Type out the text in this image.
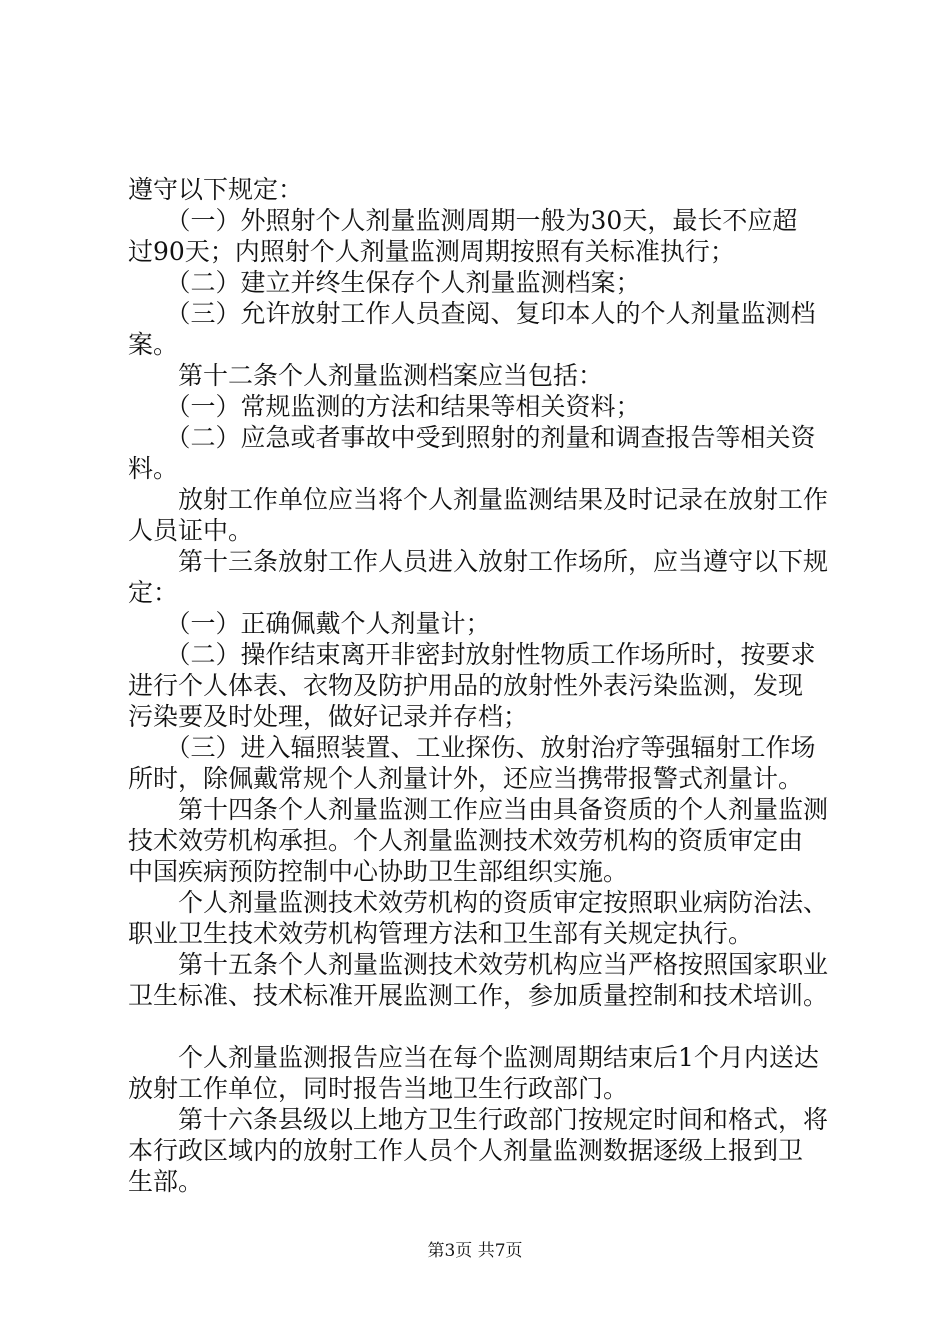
遵守以下规定：
　　（一）外照射个人剂量监测周期一般为30天，最长不应超
过90天；内照射个人剂量监测周期按照有关标准执行；
　　（二）建立并终生保存个人剂量监测档案；
　　（三）允许放射工作人员查阅、复印本人的个人剂量监测档
案。
　　第十二条个人剂量监测档案应当包括：
　　（一）常规监测的方法和结果等相关资料；
　　（二）应急或者事故中受到照射的剂量和调查报告等相关资
料。
　　放射工作单位应当将个人剂量监测结果及时记录在放射工作
人员证中。
　　第十三条放射工作人员进入放射工作场所，应当遵守以下规
定：
　　（一）正确佩戴个人剂量计；
　　（二）操作结束离开非密封放射性物质工作场所时，按要求
进行个人体表、衣物及防护用品的放射性外表污染监测，发现
污染要及时处理，做好记录并存档；
　　（三）进入辐照装置、工业探伤、放射治疗等强辐射工作场
所时，除佩戴常规个人剂量计外，还应当携带报警式剂量计。
　　第十四条个人剂量监测工作应当由具备资质的个人剂量监测
技术效劳机构承担。个人剂量监测技术效劳机构的资质审定由
中国疾病预防控制中心协助卫生部组织实施。
　　个人剂量监测技术效劳机构的资质审定按照职业病防治法、
职业卫生技术效劳机构管理方法和卫生部有关规定执行。
　　第十五条个人剂量监测技术效劳机构应当严格按照国家职业
卫生标准、技术标准开展监测工作，参加质量控制和技术培训。
　　个人剂量监测报告应当在每个监测周期结束后1个月内送达
放射工作单位，同时报告当地卫生行政部门。
　　第十六条县级以上地方卫生行政部门按规定时间和格式，将
本行政区域内的放射工作人员个人剂量监测数据逐级上报到卫
生部。
第3页 共7页
